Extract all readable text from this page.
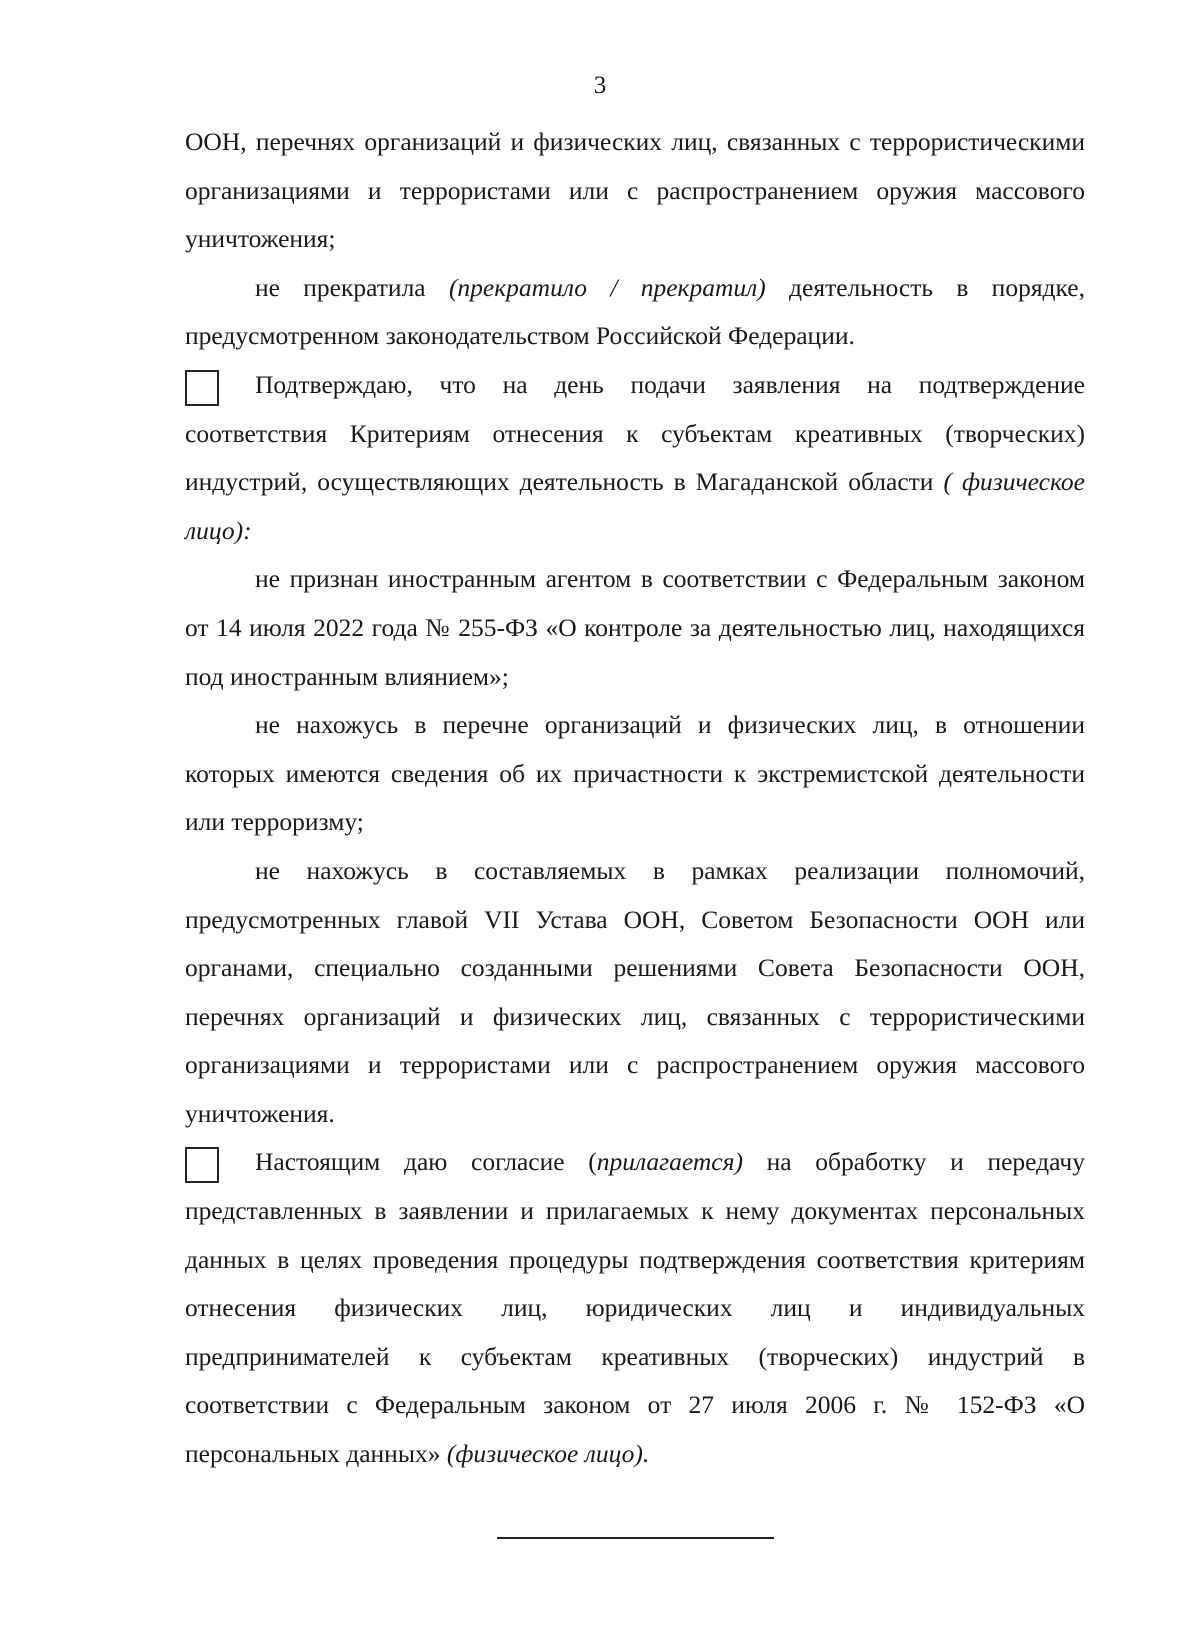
3

ООН, перечнях организаций и физических лиц, связанных с террористическими организациями и террористами или с распространением оружия массового уничтожения;

не прекратила (прекратило / прекратил) деятельность в порядке, предусмотренном законодательством Российской Федерации.

Подтверждаю, что на день подачи заявления на подтверждение соответствия Критериям отнесения к субъектам креативных (творческих) индустрий, осуществляющих деятельность в Магаданской области ( физическое лицо):

не признан иностранным агентом в соответствии с Федеральным законом от 14 июля 2022 года № 255-ФЗ «О контроле за деятельностью лиц, находящихся под иностранным влиянием»;

не нахожусь в перечне организаций и физических лиц, в отношении которых имеются сведения об их причастности к экстремистской деятельности или терроризму;

не нахожусь в составляемых в рамках реализации полномочий, предусмотренных главой VII Устава ООН, Советом Безопасности ООН или органами, специально созданными решениями Совета Безопасности ООН, перечнях организаций и физических лиц, связанных с террористическими организациями и террористами или с распространением оружия массового уничтожения.

Настоящим даю согласие (прилагается) на обработку и передачу представленных в заявлении и прилагаемых к нему документах персональных данных в целях проведения процедуры подтверждения соответствия критериям отнесения физических лиц, юридических лиц и индивидуальных предпринимателей к субъектам креативных (творческих) индустрий в соответствии с Федеральным законом от 27 июля 2006 г. № 152-ФЗ «О персональных данных» (физическое лицо).
